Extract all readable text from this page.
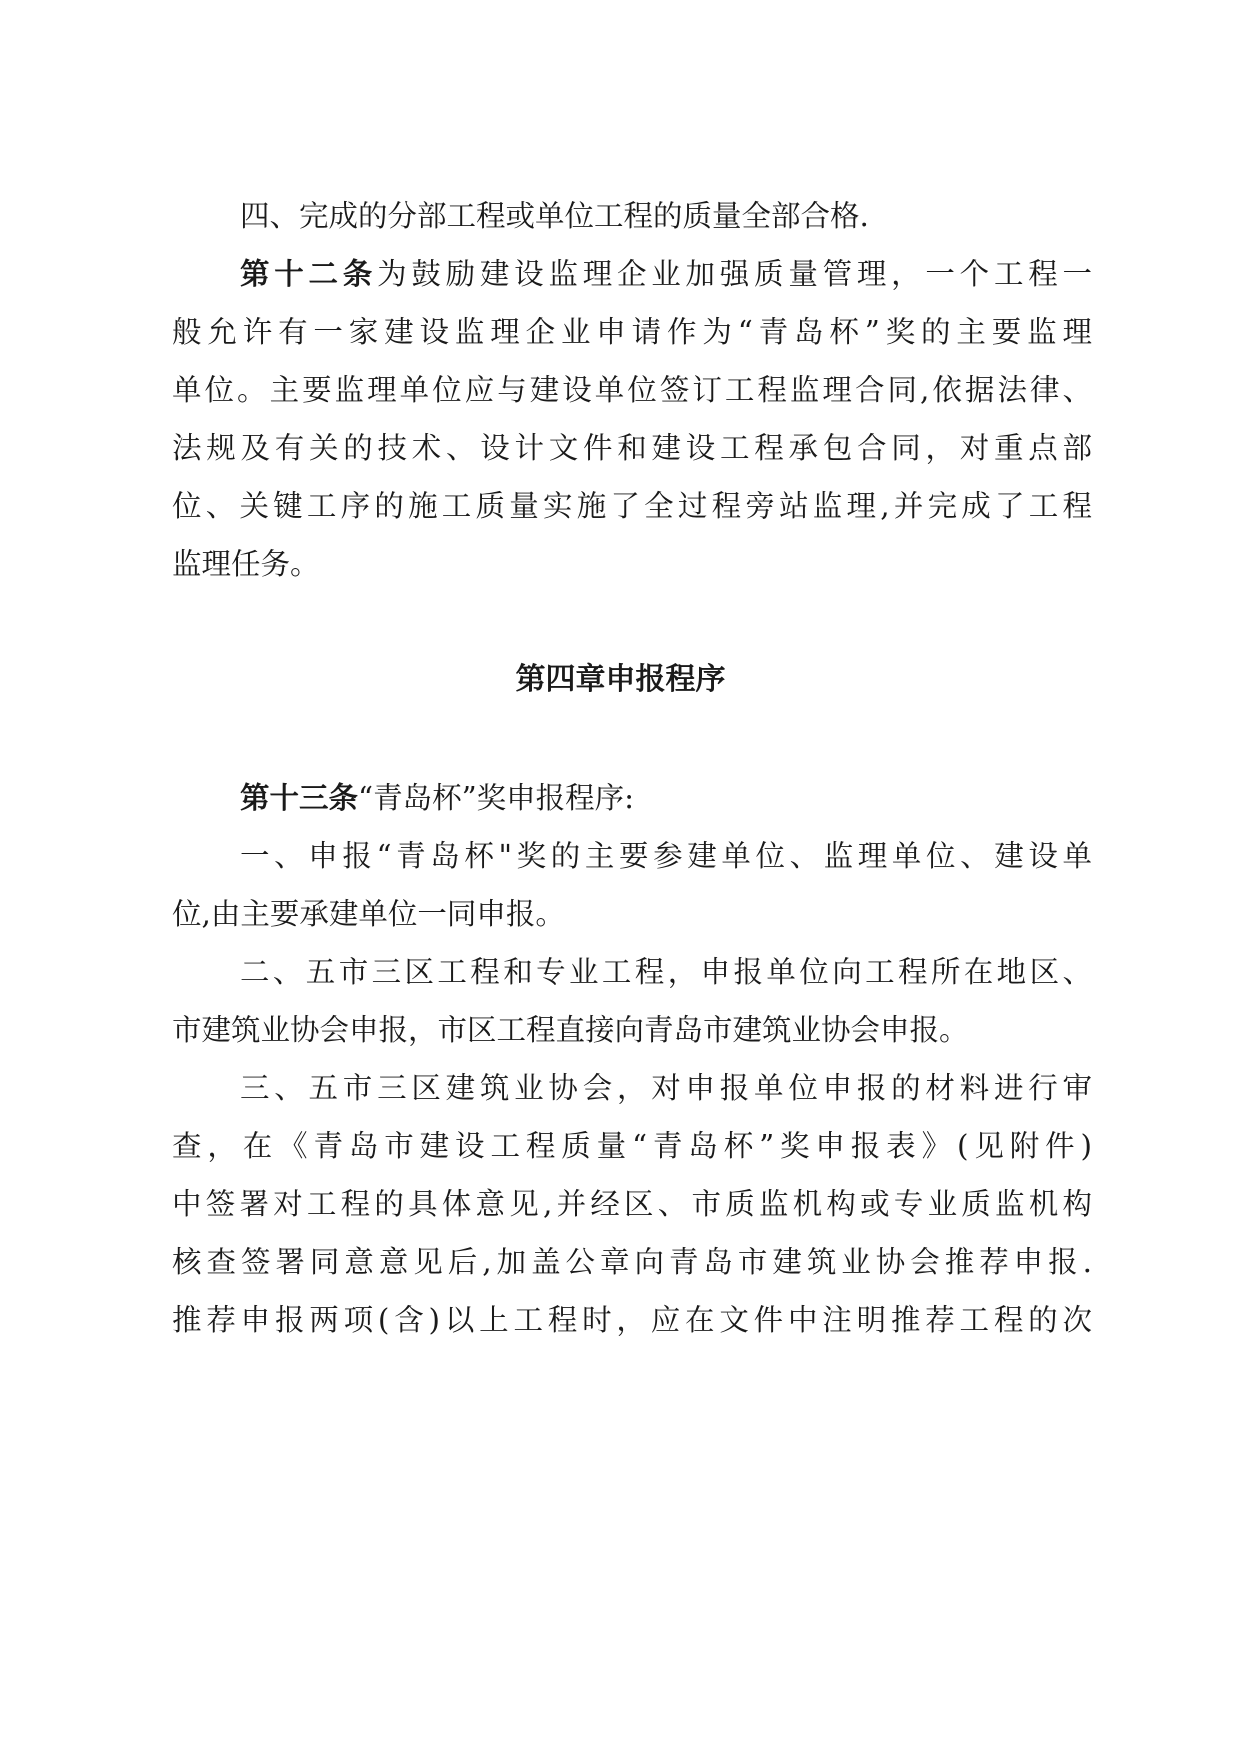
四、完成的分部工程或单位工程的质量全部合格.
第十二条为鼓励建设监理企业加强质量管理，一个工程一
般允许有一家建设监理企业申请作为“青岛杯”奖的主要监理
单位。主要监理单位应与建设单位签订工程监理合同,依据法律、
法规及有关的技术、设计文件和建设工程承包合同，对重点部
位、关键工序的施工质量实施了全过程旁站监理,并完成了工程
监理任务。
第四章申报程序
第十三条“青岛杯”奖申报程序:
一、申报“青岛杯"奖的主要参建单位、监理单位、建设单
位,由主要承建单位一同申报。
二、五市三区工程和专业工程，申报单位向工程所在地区、
市建筑业协会申报，市区工程直接向青岛市建筑业协会申报。
三、五市三区建筑业协会，对申报单位申报的材料进行审
查，在《青岛市建设工程质量“青岛杯”奖申报表》(见附件)
中签署对工程的具体意见,并经区、市质监机构或专业质监机构
核查签署同意意见后,加盖公章向青岛市建筑业协会推荐申报.
推荐申报两项(含)以上工程时，应在文件中注明推荐工程的次
